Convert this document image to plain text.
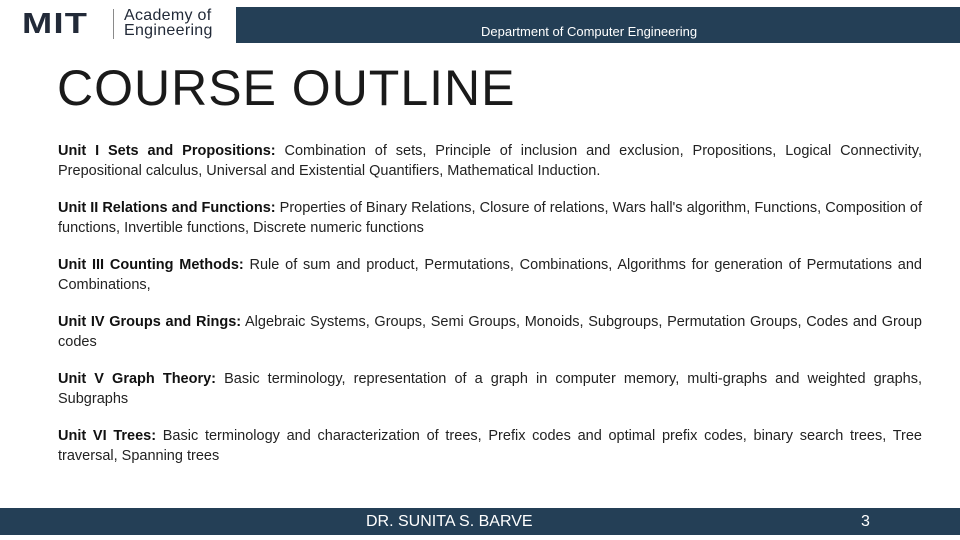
Department of Computer Engineering
MIT Academy of
Engineering
COURSE OUTLINE

Unit I Sets and Propositions: Combination of sets, Principle of inclusion and exclusion, Propositions, Logical Connectivity, Prepositional calculus, Universal and Existential Quantifiers, Mathematical Induction.

Unit II Relations and Functions: Properties of Binary Relations, Closure of relations, Wars hall's algorithm, Functions, Composition of functions, Invertible functions, Discrete numeric functions

Unit III Counting Methods: Rule of sum and product, Permutations, Combinations, Algorithms for generation of Permutations and Combinations,

Unit IV Groups and Rings: Algebraic Systems, Groups, Semi Groups, Monoids, Subgroups, Permutation Groups, Codes and Group codes

Unit V Graph Theory: Basic terminology, representation of a graph in computer memory, multi-graphs and weighted graphs, Subgraphs

Unit VI Trees: Basic terminology and characterization of trees, Prefix codes and optimal prefix codes, binary search trees, Tree traversal, Spanning trees

DR. SUNITA S. BARVE	3
